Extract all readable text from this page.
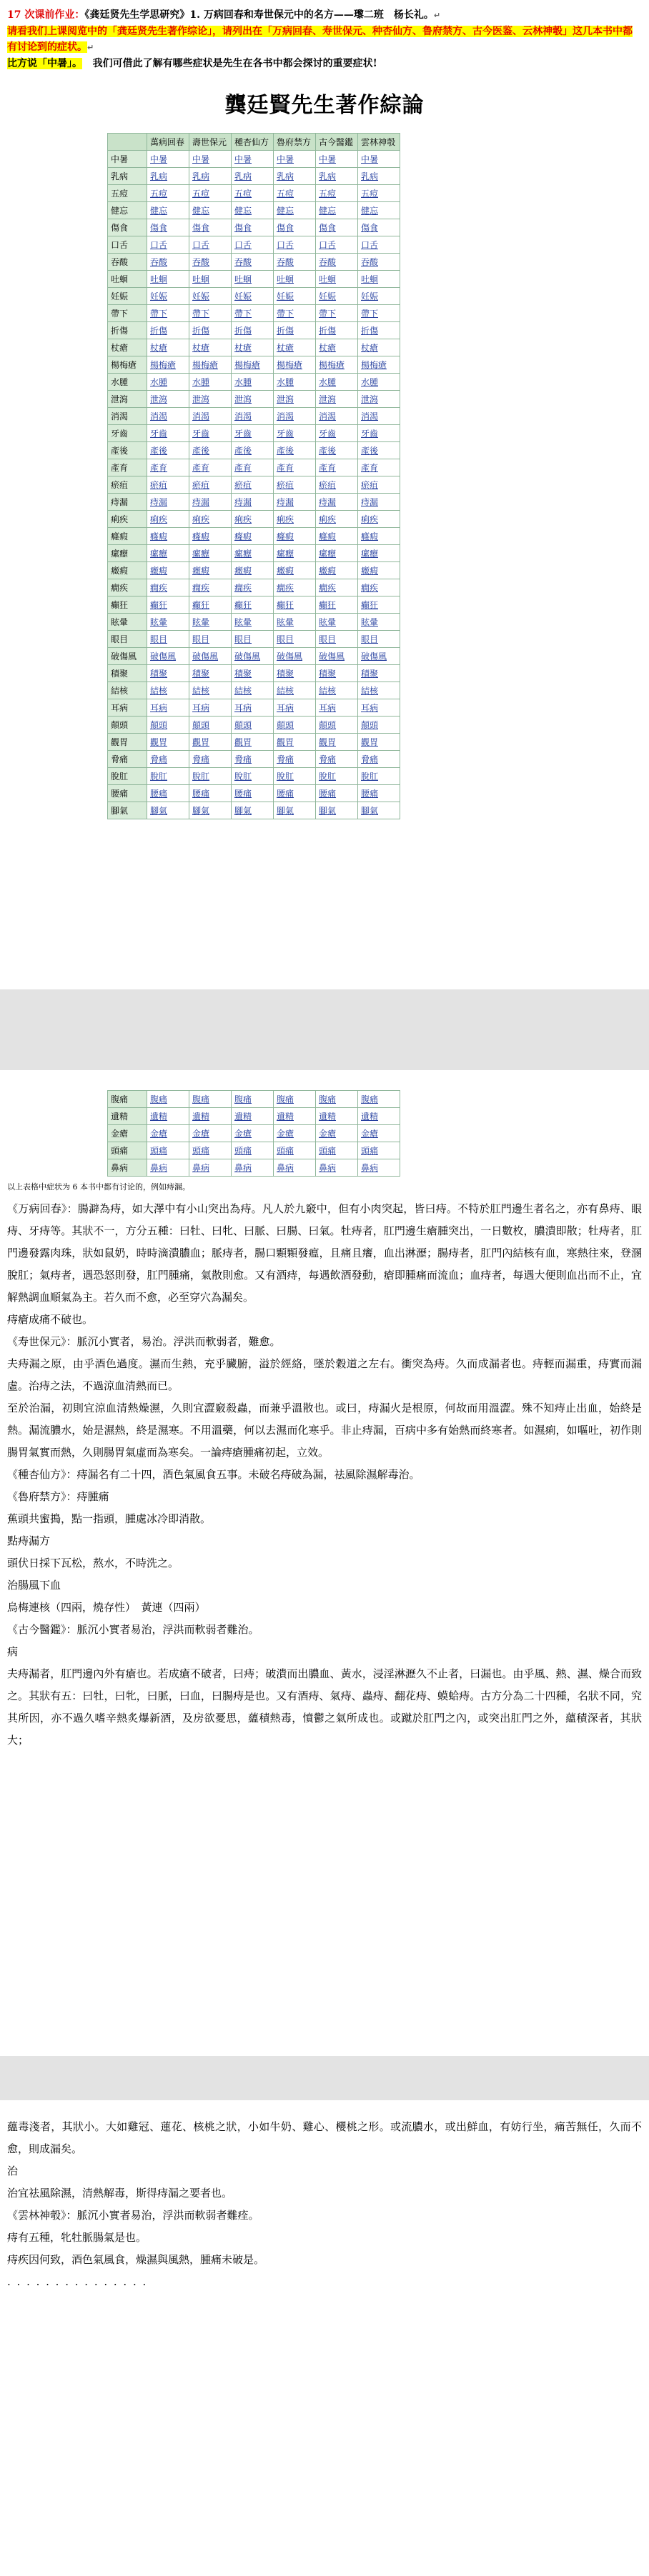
17 次课前作业：《龚廷贤先生学思研究》1. 万病回春和寿世保元中的名方——瓈二班　杨长礼。↵
请看我们上课阅览中的「龚廷贤先生著作综论」，请列出在「万病回春、寿世保元、种杏仙方、鲁府禁方、古今医鉴、云林神彀」这几本书中都有讨论到的症状。↵
比方说「中暑」。 我们可借此了解有哪些症状是先生在各书中都会探讨的重要症状!
龔廷賢先生著作綜論
	萬病回春	壽世保元	種杏仙方	魯府禁方	古今醫鑑	雲林神彀
中暑	中暑	中暑	中暑	中暑	中暑	中暑
乳病	乳病	乳病	乳病	乳病	乳病	乳病
五痘	五痘	五痘	五痘	五痘	五痘	五痘
健忘	健忘	健忘	健忘	健忘	健忘	健忘
傷食	傷食	傷食	傷食	傷食	傷食	傷食
口舌	口舌	口舌	口舌	口舌	口舌	口舌
吞酸	吞酸	吞酸	吞酸	吞酸	吞酸	吞酸
吐蛔	吐蛔	吐蛔	吐蛔	吐蛔	吐蛔	吐蛔
妊娠	妊娠	妊娠	妊娠	妊娠	妊娠	妊娠
帶下	帶下	帶下	帶下	帶下	帶下	帶下
折傷	折傷	折傷	折傷	折傷	折傷	折傷
杖瘡	杖瘡	杖瘡	杖瘡	杖瘡	杖瘡	杖瘡
楊梅瘡	楊梅瘡	楊梅瘡	楊梅瘡	楊梅瘡	楊梅瘡	楊梅瘡
水腫	水腫	水腫	水腫	水腫	水腫	水腫
泄瀉	泄瀉	泄瀉	泄瀉	泄瀉	泄瀉	泄瀉
消渴	消渴	消渴	消渴	消渴	消渴	消渴
牙齒	牙齒	牙齒	牙齒	牙齒	牙齒	牙齒
產後	產後	產後	產後	產後	產後	產後
產育	產育	產育	產育	產育	產育	產育
瘀疽	瘀疽	瘀疽	瘀疽	瘀疽	瘀疽	瘀疽
痔漏	痔漏	痔漏	痔漏	痔漏	痔漏	痔漏
痢疾	痢疾	痢疾	痢疾	痢疾	痢疾	痢疾
癃瘕	癃瘕	癃瘕	癃瘕	癃瘕	癃瘕	癃瘕
瘰癧	瘰癧	瘰癧	瘰癧	瘰癧	瘰癧	瘰癧
癥瘕	癥瘕	癥瘕	癥瘕	癥瘕	癥瘕	癥瘕
癇疾	癇疾	癇疾	癇疾	癇疾	癇疾	癇疾
癲狂	癲狂	癲狂	癲狂	癲狂	癲狂	癲狂
眩暈	眩暈	眩暈	眩暈	眩暈	眩暈	眩暈
眼目	眼目	眼目	眼目	眼目	眼目	眼目
破傷風	破傷風	破傷風	破傷風	破傷風	破傷風	破傷風
積聚	積聚	積聚	積聚	積聚	積聚	積聚
結核	結核	結核	結核	結核	結核	結核
耳病	耳病	耳病	耳病	耳病	耳病	耳病
顛頭	顛頭	顛頭	顛頭	顛頭	顛頭	顛頭
觀胃	觀胃	觀胃	觀胃	觀胃	觀胃	觀胃
脅痛	脅痛	脅痛	脅痛	脅痛	脅痛	脅痛
脫肛	脫肛	脫肛	脫肛	脫肛	脫肛	脫肛
腰痛	腰痛	腰痛	腰痛	腰痛	腰痛	腰痛
腳氣	腳氣	腳氣	腳氣	腳氣	腳氣	腳氣
腹痛	腹痛	腹痛	腹痛	腹痛	腹痛	腹痛
遺精	遺精	遺精	遺精	遺精	遺精	遺精
金瘡	金瘡	金瘡	金瘡	金瘡	金瘡	金瘡
頭痛	頭痛	頭痛	頭痛	頭痛	頭痛	頭痛
鼻病	鼻病	鼻病	鼻病	鼻病	鼻病	鼻病

以上表格中症状为 6 本书中都有讨论的，例如痔漏。

《万病回春》：腸澼為痔，如大澤中有小山突出為痔。凡人於九竅中，但有小肉突起，皆曰痔。不特於肛門邊生者名之，亦有鼻痔、眼痔、牙痔等。其狀不一，方分五種：曰牡、曰牝、曰脈、曰腸、曰氣。牡痔者，肛門邊生瘡腫突出，一日數枚，膿潰即散；牡痔者，肛門邊發露肉珠，狀如鼠奶，時時滴潰膿血；脈痔者，腸口顆顆發瘟，且痛且癢，血出淋瀝；腸痔者，肛門內結核有血，寒熱往來，登溷脫肛；氣痔者，遇恐怒則發，肛門腫痛，氣散則愈。又有酒痔，每遇飲酒發動，瘡即腫痛而流血；血痔者，每遇大便則血出而不止，宜解熱調血順氣為主。若久而不愈，必至穿穴為漏矣。

痔瘡成痛不破也。

《寿世保元》：脈沉小實者，易治。浮洪而軟弱者，難愈。

夫痔漏之原，由乎酒色過度。濕而生熱，充乎臟腑，溢於經絡，墜於穀道之左右。衝突為痔。久而成漏者也。痔輕而漏重，痔實而漏虛。治痔之法，不過涼血清熱而已。

至於治漏，初則宜涼血清熱燥濕，久則宜澀竅殺蟲，而兼乎溫散也。或曰，痔漏火是根原，何故而用溫澀。殊不知痔止出血，始終是熱。漏流膿水，始是濕熱，終是濕寒。不用溫藥，何以去濕而化寒乎。非止痔漏，百病中多有始熱而終寒者。如濕痢，如嘔吐，初作則腸胃氣實而熱，久則腸胃氣虛而為寒矣。一論痔瘡腫痛初起，立效。

《種杏仙方》：痔漏名有二十四，酒色氣風食五事。未破名痔破為漏，祛風除濕解毒治。

《魯府禁方》：痔腫痛

蕉頭共蜜搗，點一指頭，腫處冰冷即消散。

點痔漏方

頭伏日採下瓦松，熬水，不時洗之。

治腸風下血

烏梅連核（四兩，燒存性）　黃連（四兩）

《古今醫鑑》：脈沉小實者易治，浮洪而軟弱者難治。

病

夫痔漏者，肛門邊內外有瘡也。若成瘡不破者，曰痔；破潰而出膿血、黃水，浸淫淋瀝久不止者，曰漏也。由乎風、熱、濕、燥合而致之。其狀有五：曰牡，曰牝，曰脈，曰血，曰腸痔是也。又有酒痔、氣痔、蟲痔、翻花痔、蟆蛤痔。古方分為二十四種，名狀不同，究其所因，亦不過久嗜辛熱炙爆新酒，及房欲憂思，蘊積熱毒，憤鬱之氣所成也。或蹴於肛門之內，或突出肛門之外，蘊積深者，其狀大；

蘊毒淺者，其狀小。大如雞冠、蓮花、核桃之狀，小如牛奶、雞心、櫻桃之形。或流膿水，或出鮮血，有妨行坐，痛苦無任，久而不愈，則成漏矣。

治

治宜祛風除濕，清熱解毒，斯得痔漏之要者也。

《雲林神彀》：脈沉小實者易治，浮洪而軟弱者難痊。

痔有五種，牝牡脈腸氣是也。

痔疾因何致，酒色氣風食，燥濕與風熱，腫痛未破是。

. . . . . . . . . . . . . . .
